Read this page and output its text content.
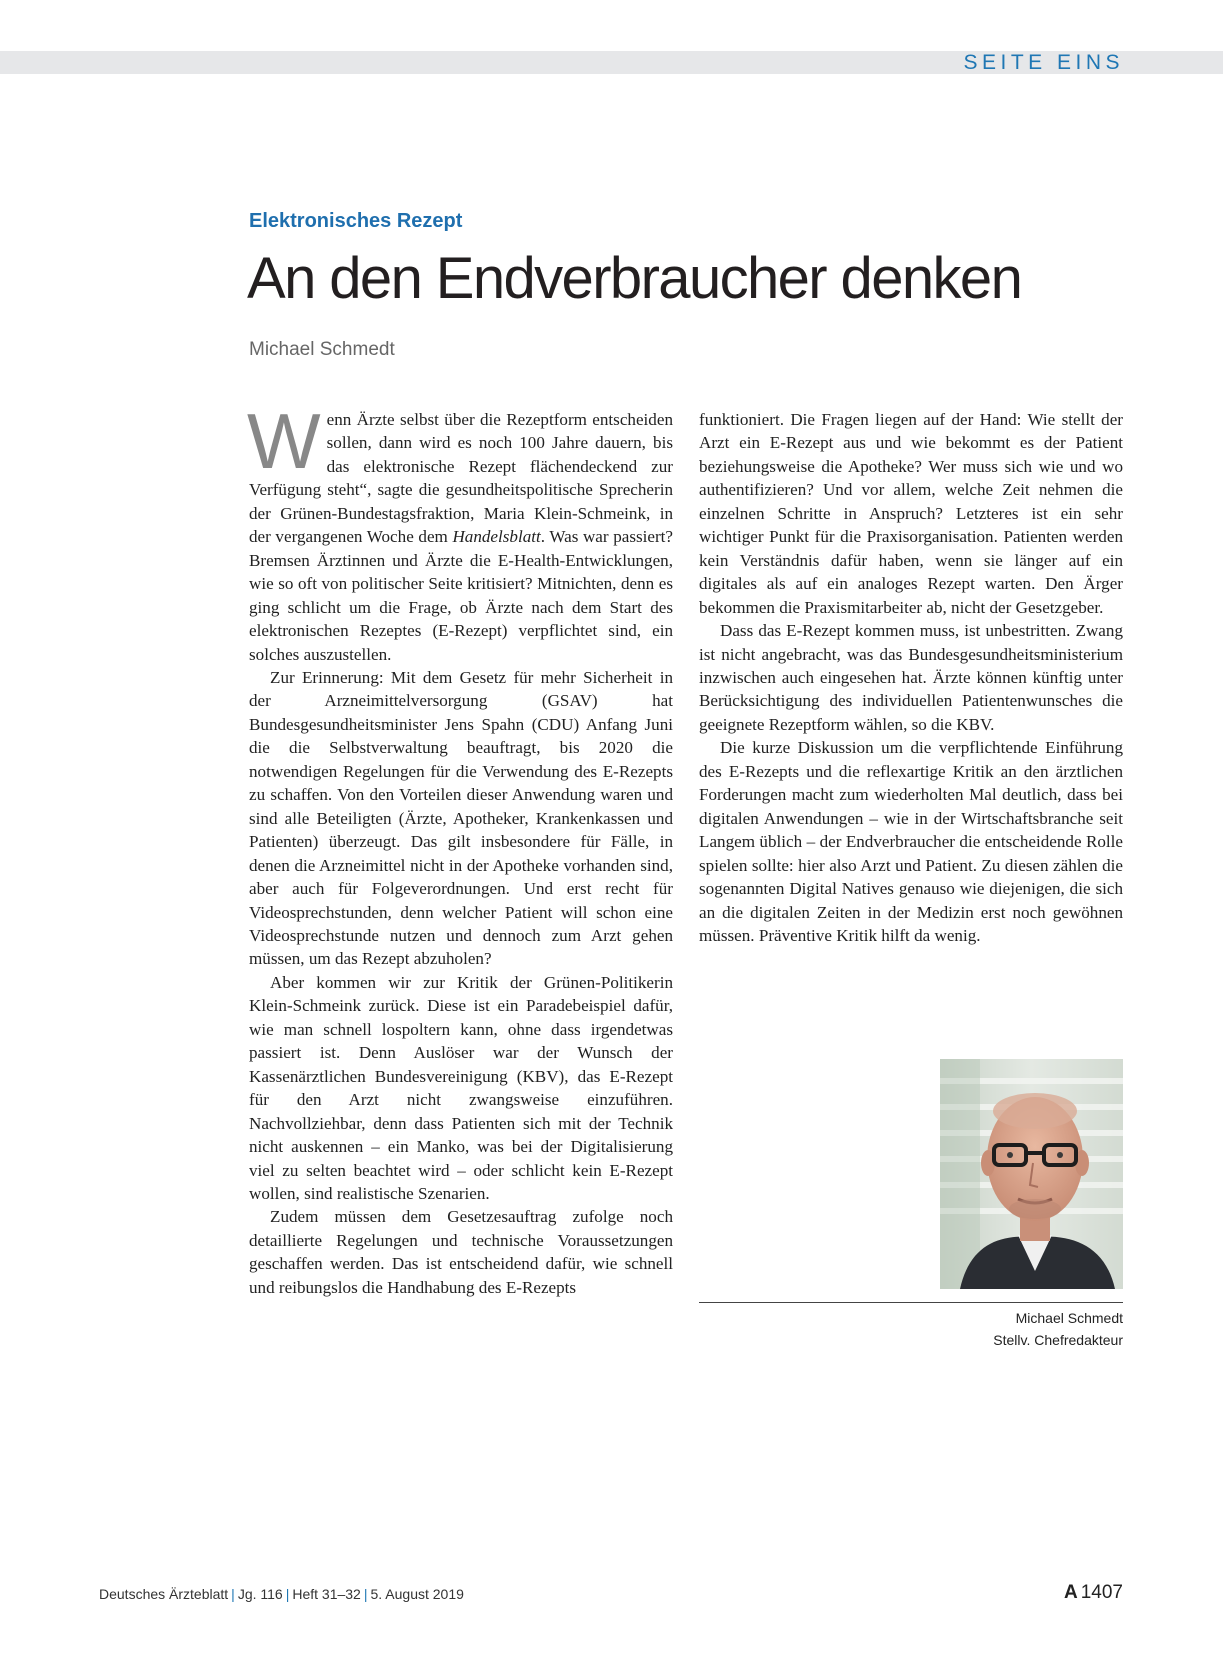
SEITE EINS
Elektronisches Rezept
An den Endverbraucher denken
Michael Schmedt

Wenn Ärzte selbst über die Rezeptform entscheiden sollen, dann wird es noch 100 Jahre dauern, bis das elektronische Rezept flächendeckend zur Verfügung steht“, sagte die gesundheitspolitische Sprecherin der Grünen-Bundestagsfraktion, Maria Klein-Schmeink, in der vergangenen Woche dem Handelsblatt. Was war passiert? Bremsen Ärztinnen und Ärzte die E-Health-Entwicklungen, wie so oft von politischer Seite kritisiert? Mitnichten, denn es ging schlicht um die Frage, ob Ärzte nach dem Start des elektronischen Rezeptes (E-Rezept) verpflichtet sind, ein solches auszustellen.

Zur Erinnerung: Mit dem Gesetz für mehr Sicherheit in der Arzneimittelversorgung (GSAV) hat Bundesgesundheitsminister Jens Spahn (CDU) Anfang Juni die die Selbstverwaltung beauftragt, bis 2020 die notwendigen Regelungen für die Verwendung des E-Rezepts zu schaffen. Von den Vorteilen dieser Anwendung waren und sind alle Beteiligten (Ärzte, Apotheker, Krankenkassen und Patienten) überzeugt. Das gilt insbesondere für Fälle, in denen die Arzneimittel nicht in der Apotheke vorhanden sind, aber auch für Folgeverordnungen. Und erst recht für Videosprechstunden, denn welcher Patient will schon eine Videosprechstunde nutzen und dennoch zum Arzt gehen müssen, um das Rezept abzuholen?

Aber kommen wir zur Kritik der Grünen-Politikerin Klein-Schmeink zurück. Diese ist ein Paradebeispiel dafür, wie man schnell lospoltern kann, ohne dass irgendetwas passiert ist. Denn Auslöser war der Wunsch der Kassenärztlichen Bundesvereinigung (KBV), das E-Rezept für den Arzt nicht zwangsweise einzuführen. Nachvollziehbar, denn dass Patienten sich mit der Technik nicht auskennen – ein Manko, was bei der Digitalisierung viel zu selten beachtet wird – oder schlicht kein E-Rezept wollen, sind realistische Szenarien.

Zudem müssen dem Gesetzesauftrag zufolge noch detaillierte Regelungen und technische Voraussetzungen geschaffen werden. Das ist entscheidend dafür, wie schnell und reibungslos die Handhabung des E-Rezepts

funktioniert. Die Fragen liegen auf der Hand: Wie stellt der Arzt ein E-Rezept aus und wie bekommt es der Patient beziehungsweise die Apotheke? Wer muss sich wie und wo authentifizieren? Und vor allem, welche Zeit nehmen die einzelnen Schritte in Anspruch? Letzteres ist ein sehr wichtiger Punkt für die Praxisorganisation. Patienten werden kein Verständnis dafür haben, wenn sie länger auf ein digitales als auf ein analoges Rezept warten. Den Ärger bekommen die Praxismitarbeiter ab, nicht der Gesetzgeber.

Dass das E-Rezept kommen muss, ist unbestritten. Zwang ist nicht angebracht, was das Bundesgesundheitsministerium inzwischen auch eingesehen hat. Ärzte können künftig unter Berücksichtigung des individuellen Patientenwunsches die geeignete Rezeptform wählen, so die KBV.

Die kurze Diskussion um die verpflichtende Einführung des E-Rezepts und die reflexartige Kritik an den ärztlichen Forderungen macht zum wiederholten Mal deutlich, dass bei digitalen Anwendungen – wie in der Wirtschaftsbranche seit Langem üblich – der Endverbraucher die entscheidende Rolle spielen sollte: hier also Arzt und Patient. Zu diesen zählen die sogenannten Digital Natives genauso wie diejenigen, die sich an die digitalen Zeiten in der Medizin erst noch gewöhnen müssen. Präventive Kritik hilft da wenig.

Michael Schmedt
Stellv. Chefredakteur
Deutsches Ärzteblatt | Jg. 116 | Heft 31–32 | 5. August 2019	A 1407
